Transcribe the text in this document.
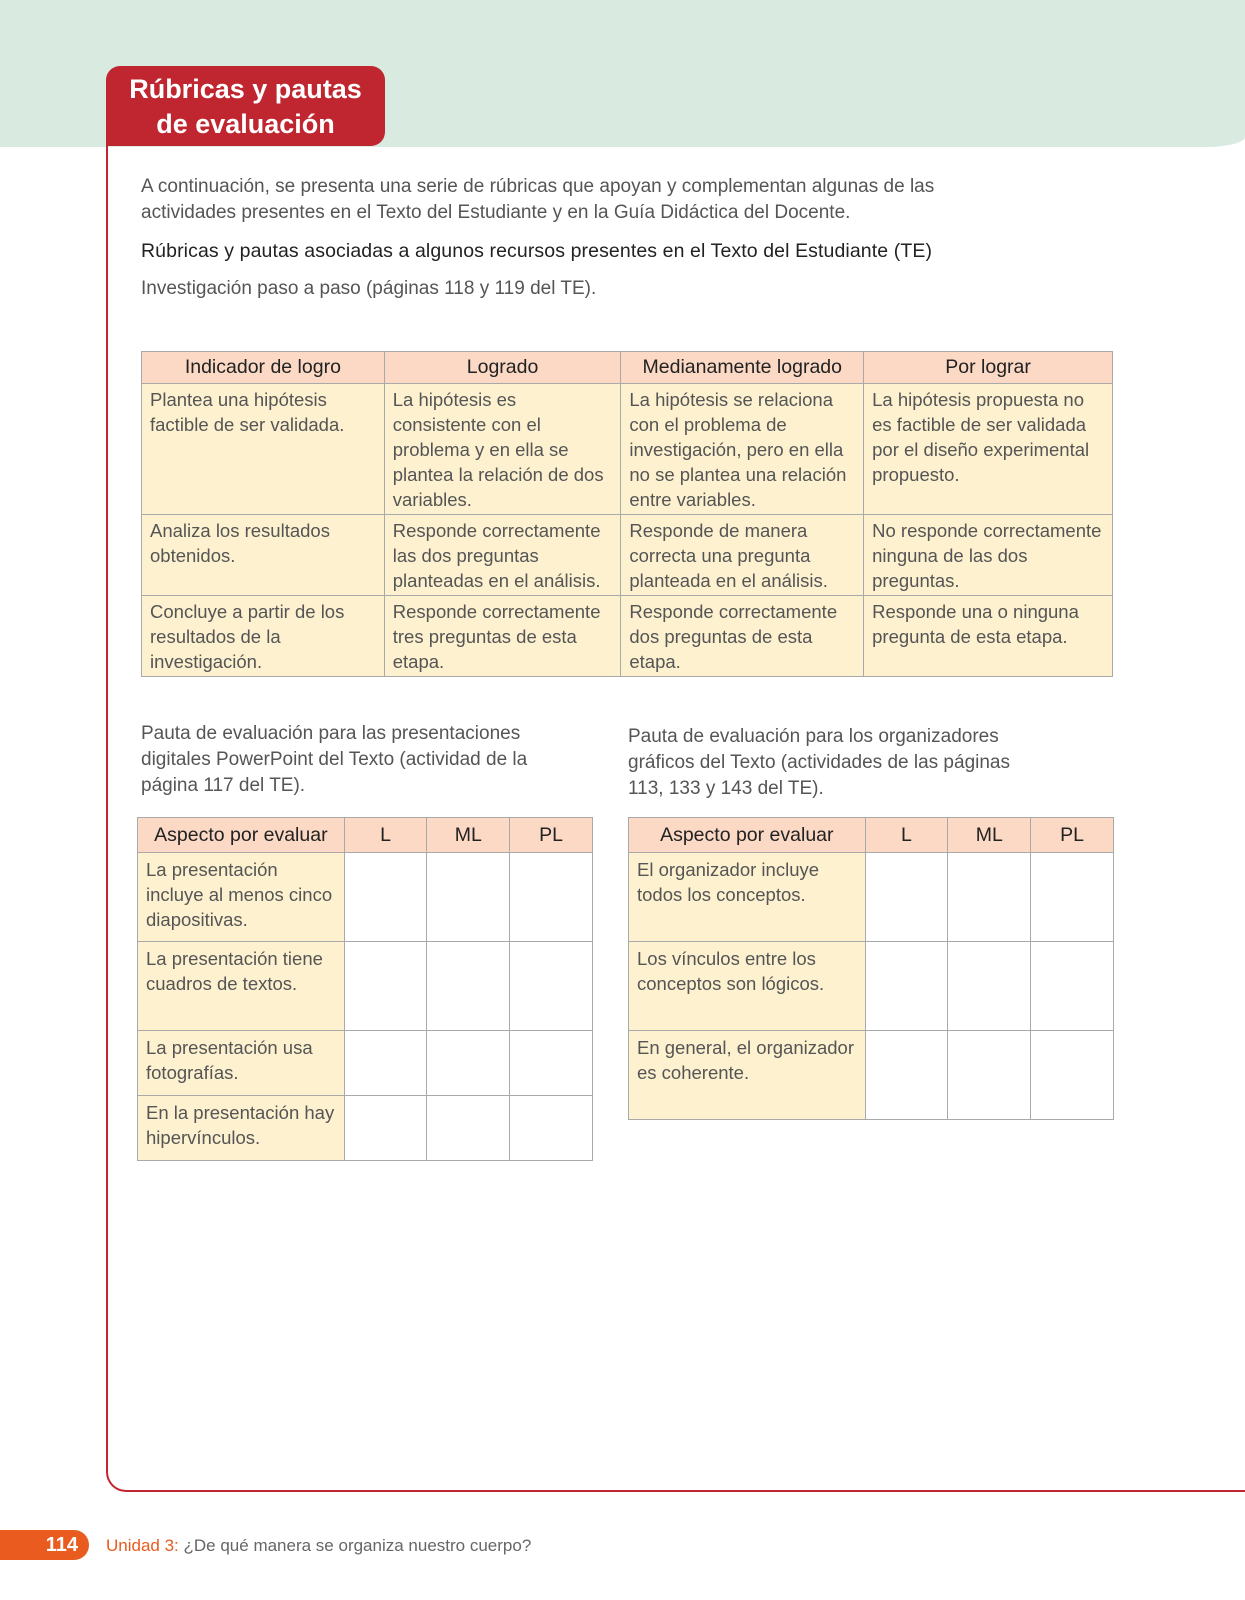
Rúbricas y pautas
de evaluación

A continuación, se presenta una serie de rúbricas que apoyan y complementan algunas de las actividades presentes en el Texto del Estudiante y en la Guía Didáctica del Docente.

Rúbricas y pautas asociadas a algunos recursos presentes en el Texto del Estudiante (TE)

Investigación paso a paso (páginas 118 y 119 del TE).

Indicador de logro	Logrado	Medianamente logrado	Por lograr
Plantea una hipótesis factible de ser validada.	La hipótesis es consistente con el problema y en ella se plantea la relación de dos variables.	La hipótesis se relaciona con el problema de investigación, pero en ella no se plantea una relación entre variables.	La hipótesis propuesta no es factible de ser validada por el diseño experimental propuesto.
Analiza los resultados obtenidos.	Responde correctamente las dos preguntas planteadas en el análisis.	Responde de manera correcta una pregunta planteada en el análisis.	No responde correctamente ninguna de las dos preguntas.
Concluye a partir de los resultados de la investigación.	Responde correctamente tres preguntas de esta etapa.	Responde correctamente dos preguntas de esta etapa.	Responde una o ninguna pregunta de esta etapa.

Pauta de evaluación para las presentaciones digitales PowerPoint del Texto (actividad de la página 117 del TE).

Pauta de evaluación para los organizadores gráficos del Texto (actividades de las páginas 113, 133 y 143 del TE).

Aspecto por evaluar	L	ML	PL
La presentación incluye al menos cinco diapositivas.			
La presentación tiene cuadros de textos.			
La presentación usa fotografías.			
En la presentación hay hipervínculos.			
Aspecto por evaluar	L	ML	PL
El organizador incluye todos los conceptos.			
Los vínculos entre los conceptos son lógicos.			
En general, el organizador es coherente.			
114	Unidad 3: ¿De qué manera se organiza nuestro cuerpo?
